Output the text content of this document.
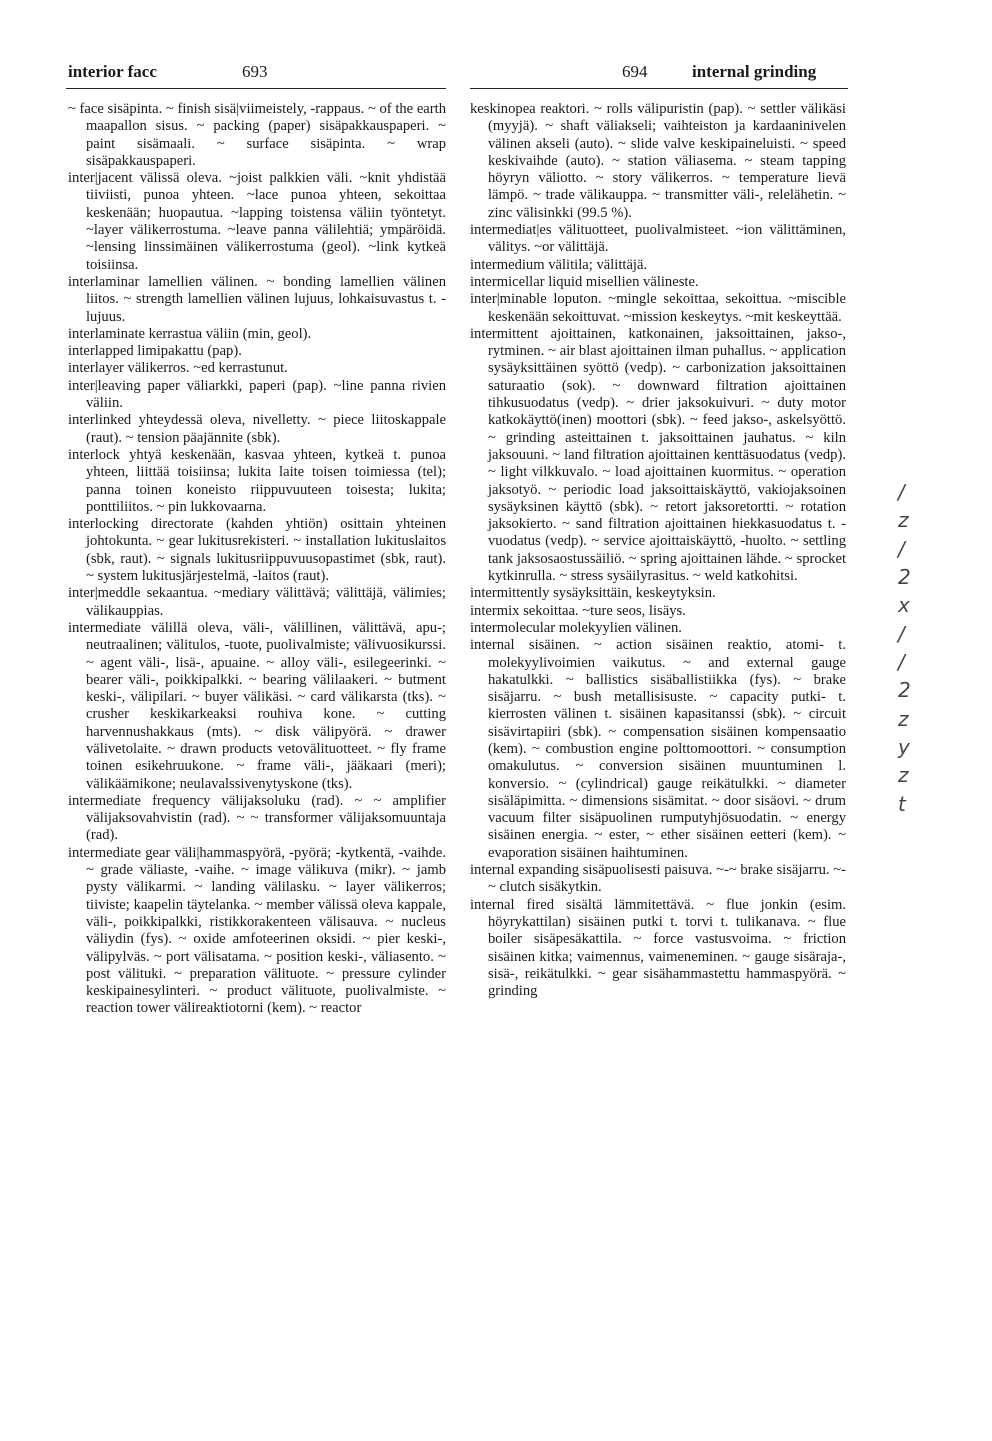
interior facc	693	694	internal grinding

~ face sisäpinta. ~ finish sisä|viimeistely, -rappaus. ~ of the earth maapallon sisus. ~ packing (paper) sisäpakkauspaperi. ~ paint sisämaali. ~ surface sisäpinta. ~ wrap sisäpakkauspaperi.

inter|jacent välissä oleva. ~joist palkkien väli. ~knit yhdistää tiiviisti, punoa yhteen. ~lace punoa yhteen, sekoittaa keskenään; huopautua. ~lapping toistensa väliin työntetyt. ~layer välikerrostuma. ~leave panna välilehtiä; ympäröidä. ~lensing linssimäinen välikerrostuma (geol). ~link kytkeä toisiinsa.

interlaminar lamellien välinen. ~ bonding lamellien välinen liitos. ~ strength lamellien välinen lujuus, lohkaisuvastus t. -lujuus.

interlaminate kerrastua väliin (min, geol).

interlapped limipakattu (pap).

interlayer välikerros. ~ed kerrastunut.

inter|leaving paper väliarkki, paperi (pap). ~line panna rivien väliin.

interlinked yhteydessä oleva, nivelletty. ~ piece liitoskappale (raut). ~ tension päajännite (sbk).

interlock yhtyä keskenään, kasvaa yhteen, kytkeä t. punoa yhteen, liittää toisiinsa; lukita laite toisen toimiessa (tel); panna toinen koneisto riippuvuuteen toisesta; lukita; ponttiliitos. ~ pin lukkovaarna.

interlocking directorate (kahden yhtiön) osittain yhteinen johtokunta. ~ gear lukitusrekisteri. ~ installation lukituslaitos (sbk, raut). ~ signals lukitusriippuvuusopastimet (sbk, raut). ~ system lukitusjärjestelmä, -laitos (raut).

inter|meddle sekaantua. ~mediary välittävä; välittäjä, välimies; välikauppias.

intermediate välillä oleva, väli-, välillinen, välittävä, apu-; neutraalinen; välitulos, -tuote, puolivalmiste; välivuosikurssi. ~ agent väli-, lisä-, apuaine. ~ alloy väli-, esilegeerinki. ~ bearer väli-, poikkipalkki. ~ bearing välilaakeri. ~ butment keski-, välipilari. ~ buyer välikäsi. ~ card välikarsta (tks). ~ crusher keskikarkeaksi rouhiva kone. ~ cutting harvennushakkaus (mts). ~ disk välipyörä. ~ drawer välivetolaite. ~ drawn products vetovälituotteet. ~ fly frame toinen esikehruukone. ~ frame väli-, jääkaari (meri); välikäämikone; neulavalssivenytyskone (tks).

intermediate frequency välijaksoluku (rad). ~ ~ amplifier välijaksovahvistin (rad). ~ ~ transformer välijaksomuuntaja (rad).

intermediate gear väli|hammaspyörä, -pyörä; -kytkentä, -vaihde. ~ grade väliaste, -vaihe. ~ image välikuva (mikr). ~ jamb pysty välikarmi. ~ landing välilasku. ~ layer välikerros; tiiviste; kaapelin täytelanka. ~ member välissä oleva kappale, väli-, poikkipalkki, ristikkorakenteen välisauva. ~ nucleus väliydin (fys). ~ oxide amfoteerinen oksidi. ~ pier keski-, välipylväs. ~ port välisatama. ~ position keski-, väliasento. ~ post välituki. ~ preparation välituote. ~ pressure cylinder keskipainesylinteri. ~ product välituote, puolivalmiste. ~ reaction tower välireaktiotorni (kem). ~ reactor

keskinopea reaktori. ~ rolls välipuristin (pap). ~ settler välikäsi (myyjä). ~ shaft väliakseli; vaihteiston ja kardaaninivelen välinen akseli (auto). ~ slide valve keskipaineluisti. ~ speed keskivaihde (auto). ~ station väliasema. ~ steam tapping höyryn väliotto. ~ story välikerros. ~ temperature lievä lämpö. ~ trade välikauppa. ~ transmitter väli-, relelähetin. ~ zinc välisinkki (99.5 %).

intermediat|es välituotteet, puolivalmisteet. ~ion välittäminen, välitys. ~or välittäjä.

intermedium välitila; välittäjä.

intermicellar liquid misellien välineste.

inter|minable loputon. ~mingle sekoittaa, sekoittua. ~miscible keskenään sekoittuvat. ~mission keskeytys. ~mit keskeyttää.

intermittent ajoittainen, katkonainen, jaksoittainen, jakso-, rytminen. ~ air blast ajoittainen ilman puhallus. ~ application sysäyksittäinen syöttö (vedp). ~ carbonization jaksoittainen saturaatio (sok). ~ downward filtration ajoittainen tihkusuodatus (vedp). ~ drier jaksokuivuri. ~ duty motor katkokäyttö(inen) moottori (sbk). ~ feed jakso-, askelsyöttö. ~ grinding asteittainen t. jaksoittainen jauhatus. ~ kiln jaksouuni. ~ land filtration ajoittainen kenttäsuodatus (vedp). ~ light vilkkuvalo. ~ load ajoittainen kuormitus. ~ operation jaksotyö. ~ periodic load jaksoittaiskäyttö, vakiojaksoinen sysäyksinen käyttö (sbk). ~ retort jaksoretortti. ~ rotation jaksokierto. ~ sand filtration ajoittainen hiekkasuodatus t. -vuodatus (vedp). ~ service ajoittaiskäyttö, -huolto. ~ settling tank jaksosaostussäiliö. ~ spring ajoittainen lähde. ~ sprocket kytkinrulla. ~ stress sysäilyrasitus. ~ weld katkohitsi.

intermittently sysäyksittäin, keskeytyksin.

intermix sekoittaa. ~ture seos, lisäys.

intermolecular molekyylien välinen.

internal sisäinen. ~ action sisäinen reaktio, atomi- t. molekyylivoimien vaikutus. ~ and external gauge hakatulkki. ~ ballistics sisäballistiikka (fys). ~ brake sisäjarru. ~ bush metallisisuste. ~ capacity putki- t. kierrosten välinen t. sisäinen kapasitanssi (sbk). ~ circuit sisävirtapiiri (sbk). ~ compensation sisäinen kompensaatio (kem). ~ combustion engine polttomoottori. ~ consumption omakulutus. ~ conversion sisäinen muuntuminen l. konversio. ~ (cylindrical) gauge reikätulkki. ~ diameter sisäläpimitta. ~ dimensions sisämitat. ~ door sisäovi. ~ drum vacuum filter sisäpuolinen rumputyhjösuodatin. ~ energy sisäinen energia. ~ ester, ~ ether sisäinen eetteri (kem). ~ evaporation sisäinen haihtuminen.

internal expanding sisäpuolisesti paisuva. ~-~ brake sisäjarru. ~-~ clutch sisäkytkin.

internal fired sisältä lämmitettävä. ~ flue jonkin (esim. höyrykattilan) sisäinen putki t. torvi t. tulikanava. ~ flue boiler sisäpesäkattila. ~ force vastusvoima. ~ friction sisäinen kitka; vaimennus, vaimeneminen. ~ gauge sisäraja-, sisä-, reikätulkki. ~ gear sisähammastettu hammaspyörä. ~ grinding

/
z
/
2
x
/
/
2
z
y
z
t
